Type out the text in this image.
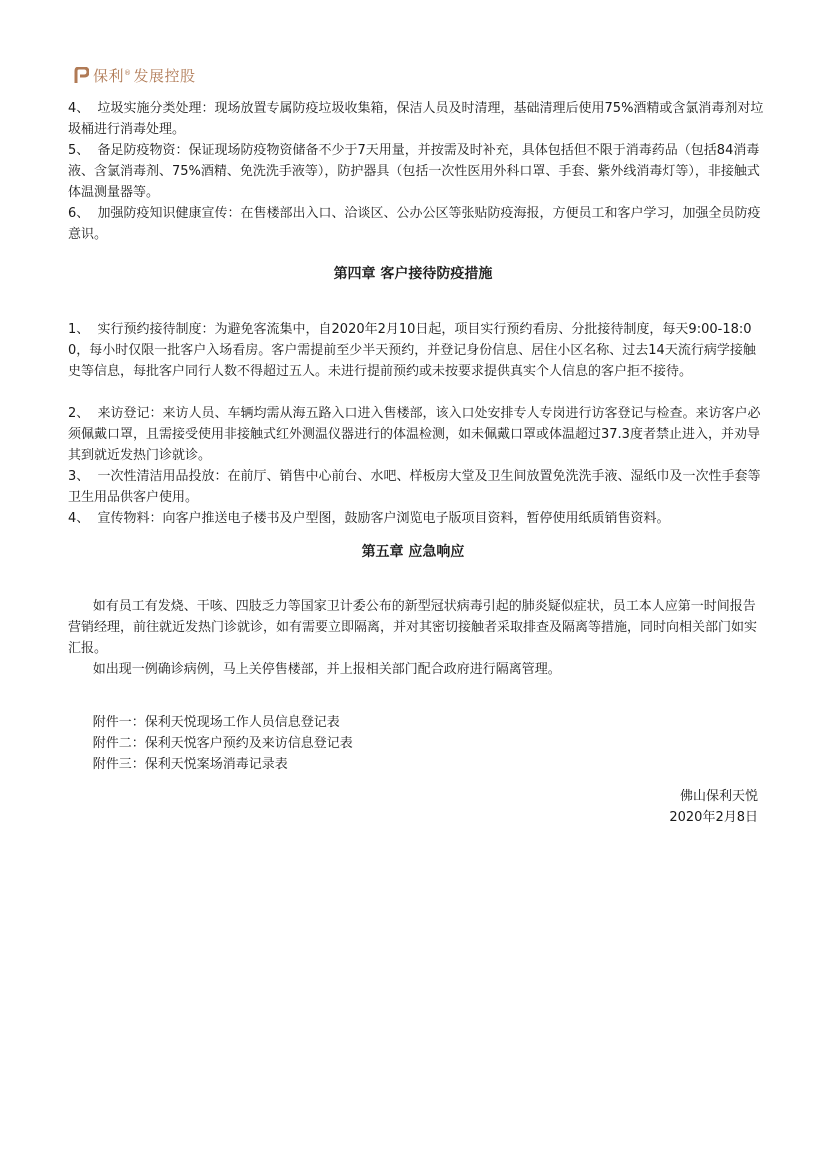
保利® 发展控股
4、  垃圾实施分类处理：现场放置专属防疫垃圾收集箱，保洁人员及时清理，基础清理后使用75%酒精或含氯消毒剂对垃圾桶进行消毒处理。
5、  备足防疫物资：保证现场防疫物资储备不少于7天用量，并按需及时补充，具体包括但不限于消毒药品（包括84消毒液、含氯消毒剂、75%酒精、免洗洗手液等），防护器具（包括一次性医用外科口罩、手套、紫外线消毒灯等），非接触式体温测量器等。
6、  加强防疫知识健康宣传：在售楼部出入口、洽谈区、公办公区等张贴防疫海报，方便员工和客户学习，加强全员防疫意识。
第四章 客户接待防疫措施
1、  实行预约接待制度：为避免客流集中，自2020年2月10日起，项目实行预约看房、分批接待制度，每天9:00-18:00，每小时仅限一批客户入场看房。客户需提前至少半天预约，并登记身份信息、居住小区名称、过去14天流行病学接触史等信息，每批客户同行人数不得超过五人。未进行提前预约或未按要求提供真实个人信息的客户拒不接待。
2、  来访登记：来访人员、车辆均需从海五路入口进入售楼部，该入口处安排专人专岗进行访客登记与检查。来访客户必须佩戴口罩，且需接受使用非接触式红外测温仪器进行的体温检测，如未佩戴口罩或体温超过37.3度者禁止进入，并劝导其到就近发热门诊就诊。
3、  一次性清洁用品投放：在前厅、销售中心前台、水吧、样板房大堂及卫生间放置免洗洗手液、湿纸巾及一次性手套等卫生用品供客户使用。
4、  宣传物料：向客户推送电子楼书及户型图，鼓励客户浏览电子版项目资料，暂停使用纸质销售资料。
第五章 应急响应
如有员工有发烧、干咳、四肢乏力等国家卫计委公布的新型冠状病毒引起的肺炎疑似症状，员工本人应第一时间报告营销经理，前往就近发热门诊就诊，如有需要立即隔离，并对其密切接触者采取排查及隔离等措施，同时向相关部门如实汇报。
如出现一例确诊病例，马上关停售楼部，并上报相关部门配合政府进行隔离管理。
附件一：保利天悦现场工作人员信息登记表
附件二：保利天悦客户预约及来访信息登记表
附件三：保利天悦案场消毒记录表
佛山保利天悦
2020年2月8日
